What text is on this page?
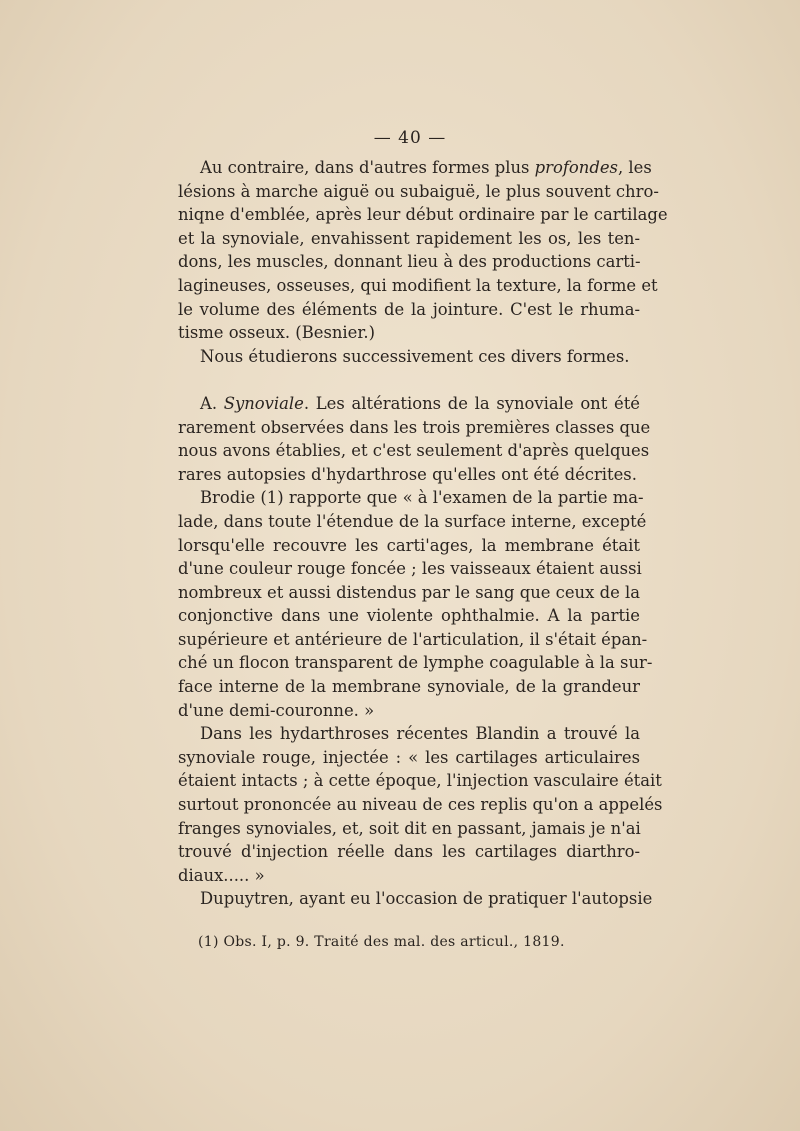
— 40 —
Au contraire, dans d'autres formes plus profondes, les
lésions à marche aiguë ou subaiguë, le plus souvent chro-
niqne d'emblée, après leur début ordinaire par le cartilage
et la synoviale, envahissent rapidement les os, les ten-
dons, les muscles, donnant lieu à des productions carti-
lagineuses, osseuses, qui modifient la texture, la forme et
le volume des éléments de la jointure. C'est le rhuma-
tisme osseux. (Besnier.)
Nous étudierons successivement ces divers formes.
A. Synoviale. Les altérations de la synoviale ont été
rarement observées dans les trois premières classes que
nous avons établies, et c'est seulement d'après quelques
rares autopsies d'hydarthrose qu'elles ont été décrites.
Brodie (1) rapporte que « à l'examen de la partie ma-
lade, dans toute l'étendue de la surface interne, excepté
lorsqu'elle recouvre les carti'ages, la membrane était
d'une couleur rouge foncée ; les vaisseaux étaient aussi
nombreux et aussi distendus par le sang que ceux de la
conjonctive dans une violente ophthalmie. A la partie
supérieure et antérieure de l'articulation, il s'était épan-
ché un flocon transparent de lymphe coagulable à la sur-
face interne de la membrane synoviale, de la grandeur
d'une demi-couronne. »
Dans les hydarthroses récentes Blandin a trouvé la
synoviale rouge, injectée : « les cartilages articulaires
étaient intacts ; à cette époque, l'injection vasculaire était
surtout prononcée au niveau de ces replis qu'on a appelés
franges synoviales, et, soit dit en passant, jamais je n'ai
trouvé d'injection réelle dans les cartilages diarthro-
diaux..... »
Dupuytren, ayant eu l'occasion de pratiquer l'autopsie
(1) Obs. I, p. 9. Traité des mal. des articul., 1819.
